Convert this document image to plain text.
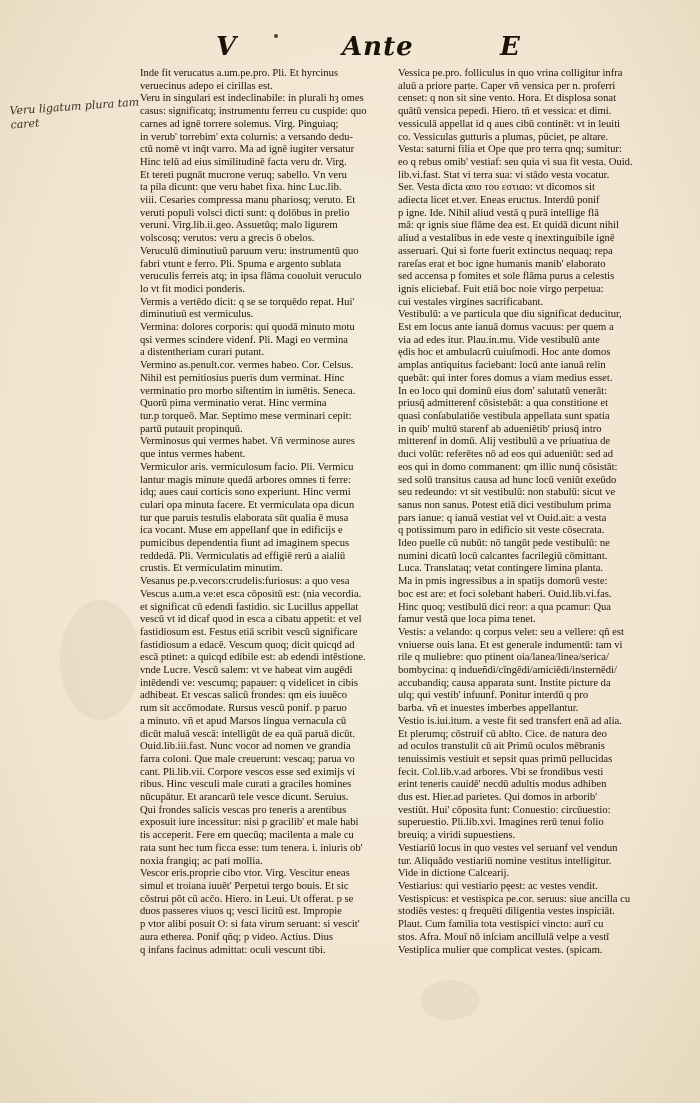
V	Ante	E
Veru ligatum plura tam caret
Inde fit verucatus a.um.pe.pro. Pli. Et hyrcinus
veruecinus adepo ei cirillas est.
Veru in singulari est indeclinabile: in plurali hȝ omes
casus: significatq; instrumentu ferreu cu cuspide: quo
carnes ad ignē torrere solemus. Virg. Pinguiaq;
in verub' torrebim' exta colurnis: a versando dedu-
ctū nomē vt inq̄t varro. Ma ad ignē iugiter versatur
Hinc telū ad eius similitudinē facta veru dr. Virg.
Et tereti pugnāt mucrone veruq; sabello. Vn veru
ta pila dicunt: que veru habet fixa. hinc Luc.lib.
viii. Cesaries compressa manu phariosq; veruto. Et
veruti populi volsci dicti sunt: q dolōbus in prelio
veruni. Virg.lib.ii.geo. Assuetūq; malo ligurem
volscosq; verutos: veru a grecis ō obelos.
Veruculū diminutiuū paruum veru: instrumentū quo
fabri vtunt e ferro. Pli. Spuma e argento sublata
veruculis ferreis atq; in ipsa flāma couoluit veruculo
lo vt fit modici ponderis.
Vermis a vertēdo dicit: q se se torquēdo repat. Hui'
diminutiuū est vermiculus.
Vermina: dolores corporis: qui quodā minuto motu
qsi vermes scindere videnf. Pli. Magi eo vermina
a distentheriam curari putant.
Vermino as.penult.cor. vermes habeo. Cor. Celsus.
Nihil est pernitiosius pueris dum verminat. Hinc
verminatio pro morbo siſtentim in iumētis. Seneca.
Quorū pima verminatio verat. Hinc vermina
tur.p torqueō. Mar. Septimo mese verminari cepit:
partū putauit propinquū.
Verminosus qui vermes habet. Vñ verminose aures
que intus vermes habent.
Vermiculor aris. vermiculosum facio. Pli. Vermicu
lantur magis minute quedā arbores omnes ti ferre:
idq; aues caui corticis sono experiunt. Hinc vermi
culari opa minuta facere. Et vermiculata opa dicun
tur que paruis testulis elaborata sūt qualia ē musa
ica vocant. Muse em appellanf que in edificijs e
pumicibus dependentia fiunt ad imaginem specus
reddedā. Pli. Vermiculatis ad effigiē rerū a aialiū
crustis. Et vermiculatim minutim.
Vesanus pe.p.vecors:crudelis:furiosus: a quo vesa
Vescus a.um.a ve:et esca cōpositū est: (nia vecordia.
et significat cū edendi fastidio. sic Lucillus appellat
vescū vt id dicaf quod in esca a cibatu appetit: et vel
fastidiosum est. Festus etiā scribit vescū significare
fastidiosum a edacē. Vescum quoq; dicit quicqd ad
escā ptinet: a quicqd edibile est: ab edendi intēstione.
vnde Lucre. Vescū salem: vt ve habeat vim augēdi
intēdendi ve: vescumq; papauer: q videlicet in cibis
adhibeat. Et vescas salicū frondes: qm eis iuuēco
rum sit accōmodate. Rursus vescū ponif. p paruo
a minuto. vñ et apud Marsos lingua vernacula cū
dicūt maluā vescā: intelligūt de ea quā paruā dicūt.
Ouid.lib.iii.fast. Nunc vocor ad nomen ve grandia
farra coloni. Que male creuerunt: vescaq; parua vo
cant. Pli.lib.vii. Corpore vescos esse sed eximijs vi
ribus. Hinc vesculi male curati a graciles homines
nūcupātur. Et arancarū tele vesce dicunt. Seruius.
Qui frondes salicis vescas pro teneris a arentibus
exposuit iure incessitur: nisi p gracilib' et male habi
tis acceperit. Fere em quecūq; macilenta a male cu
rata sunt hec tum ficca esse: tum tenera. i. iniuris ob'
noxia frangiq; ac pati mollia.
Vescor eris.proprie cibo vtor. Virg. Vescitur eneas
simul et troiana iuuēt' Perpetui tergo bouis. Et sic
cōstrui pōt cū acc̄o. Hiero. in Leui. Ut offerat. p se
duos passeres viuos q; vesci licitū est. Impropie
p vtor alibi posuit O: si fata virum seruant: si vescit'
aura etherea. Ponif qñq; p video. Actius. Dius
q infans facinus admittat: oculi vescunt tibi.
Vessica pe.pro. folliculus in quo vrina colligitur infra
aluū a priore parte. Caper vñ vensica per n. proferri
censet: q non sit sine vento. Hora. Et displosa sonat
quātū vensica pepedi. Hiero. tñ et vessica: et dimi.
vessiculā appellat id q aues cibū continēt: vt in leuiti
co. Vessiculas gutturis a plumas, püciet, pe altare.
Vesta: saturni filia et Ope que pro terra qnq; sumitur:
eo q rebus omib' vestiaf: seu quia vi sua fit vesta. Ouid.
lib.vi.fast. Stat vi terra sua: vi stādo vesta vocatur.
Ser. Vesta dicta απο του εστιαο: vt dicomos sit
adiecta licet et.ver. Eneas eructus. Interdū ponif
p igne. Ide. Nihil aliud vestā q purā intellige flā
mā: qr ignis siue flāme dea est. Et quidā dicunt nihil
aliud a vestalibus in ede veste q inextinguibile ignē
asseruari. Qui si forte fuerit extinctus nequaq; repa
rareſas erat et boc igne humanis manib' elaborato
sed accensa p fomites et sole flāma purus a celestis
ignis eliciebaf. Fuit etiā boc noie virgo perpetua:
cui vestales virgines sacrificabant.
Vestibulū: a ve particula que diu significat deducitur,
Est em locus ante ianuā domus vacuus: per quem a
via ad edes itur. Plau.in.mu. Vide vestibulū ante
ędis hoc et ambulacrū cuiuſmodi. Hoc ante domos
amplas antiquitus faciebant: locū ante ianuā relin
quebāt: qui inter fores domus a viam medius esset.
In eo loco qui dominū eius dom' salutatū venerāt:
priusq̄ admitterenf cōsistebāt: a qua constitione et
quasi conſabulatiōe vestibula appellata sunt spatia
in quib' multū starenf ab adueniētib' priusq̄ intro
mitterenf in domū. Alij vestibulū a ve priuatiua de
duci volūt: referētes nō ad eos qui adueniūt: sed ad
eos qui in domo commanent: qm illic nunq̄ cōsistāt:
sed solū transitus causa ad hunc locū veniūt exeūdo
seu redeundo: vt sit vestibulū: non stabulū: sicut ve
sanus non sanus. Potest etiā dici vestibulum prima
pars ianue: q ianuā vestiat vel vt Ouid.ait: a vesta
q potissimum paro in edificio sit veste cōsecrata.
Ideo puelle cū nubūt: nō tangūt pede vestibulū: ne
numini dicatū locū calcantes facrilegiū cōmittant.
Luca. Translataq; vetat contingere limina planta.
Ma in pmis ingressibus a in spatijs domorū veste:
boc est are: et foci solebant haberi. Ouid.lib.vi.fas.
Hinc quoq; vestibulū dici reor: a qua pcamur: Qua
famur vestā que loca pima tenet.
Vestis: a velando: q corpus velet: seu a vellere: qñ est
vniuerse ouis lana. Et est generale indumentū: tam vi
rile q muliebre: quo ptinent oia/lanea/linea/serica/
bombycina: q indueñdi/cīngēdi/amiciēdi/insternēdi/
accubandiq; causa apparata sunt. Instite picture da
ulq; qui vestib' infuunf. Ponitur interdū q pro
barba. vñ et inuestes imberbes appellantur.
Vestio is.iui.itum. a veste fit sed transfert enā ad alia.
Et plerumq; cōstruif cū ablto. Cice. de natura deo
ad oculos transtulit cū ait Primū oculos mēbranis
tenuissimis vestiuit et sepsit quas primū pellucidas
fecit. Col.lib.v.ad arbores. Vbi se frondibus vesti
erint teneris cauidē' necdū adultis modus adhiben
dus est. Hier.ad parietes. Qui domos in arborib'
vestiūt. Hui' cōposita funt: Conuestio: circūuestio:
superuestio. Pli.lib.xvi. Imagines rerū tenui folio
breuiq; a viridi supuestiens.
Vestiariū locus in quo vestes vel seruanf vel vendun
tur. Aliquādo vestiariū nomine vestitus intelligitur.
Vide in dictione Calcearij.
Vestiarius: qui vestiario pęest: ac vestes vendit.
Vestispicus: et vestispica pe.cor. seruus: siue ancilla cu
stodiēs vestes: q frequēti diligentia vestes inspiciāt.
Plaut. Cum familia tota vestispici vincto: aurī cu
stos. Afra. Mouī nō inſciam ancillulā velpe a vestī
Vestiplica mulier que complicat vestes. (spicam.
